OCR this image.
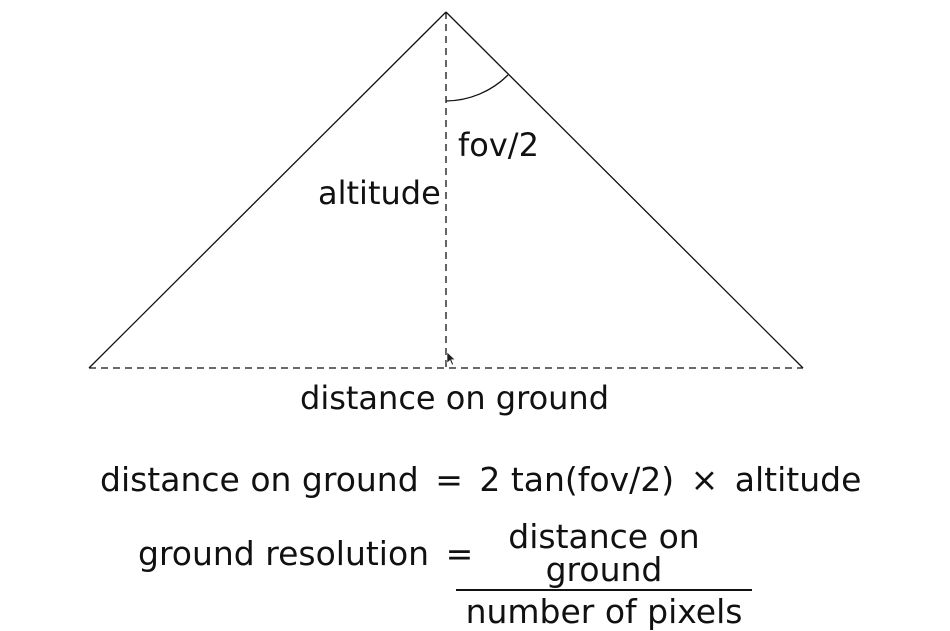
fov/2
altitude
distance on ground
distance on ground = 2 tan(fov/2) × altitude
ground resolution =	distance on ground
number of pixels
